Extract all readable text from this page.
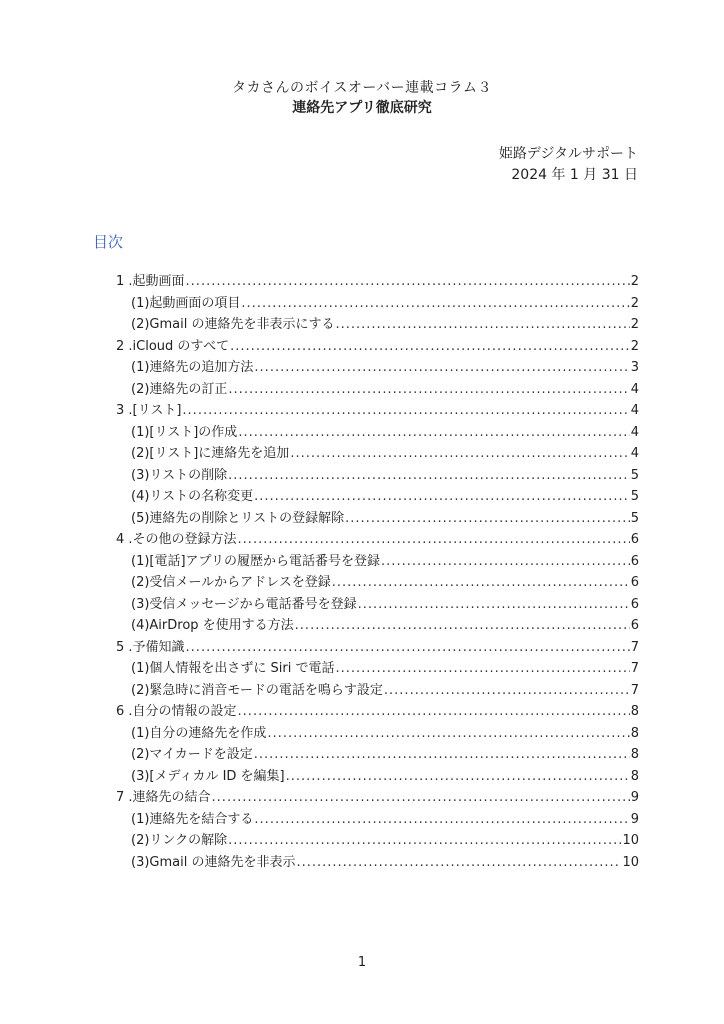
タカさんのボイスオーバー連載コラム３
連絡先アプリ徹底研究
姫路デジタルサポート
2024 年 1 月 31 日
目次
1 .起動画面 .....	2
(1)起動画面の項目 .....	2
(2)Gmail の連絡先を非表示にする .....	2
2 .iCloud のすべて .....	2
(1)連絡先の追加方法 .....	3
(2)連絡先の訂正 .....	4
3 .[リスト] .....	4
(1)[リスト]の作成 .....	4
(2)[リスト]に連絡先を追加 .....	4
(3)リストの削除 .....	5
(4)リストの名称変更 .....	5
(5)連絡先の削除とリストの登録解除 .....	5
4 .その他の登録方法 .....	6
(1)[電話]アプリの履歴から電話番号を登録 .....	6
(2)受信メールからアドレスを登録 .....	6
(3)受信メッセージから電話番号を登録 .....	6
(4)AirDrop を使用する方法 .....	6
5 .予備知識 .....	7
(1)個人情報を出さずに Siri で電話 .....	7
(2)緊急時に消音モードの電話を鳴らす設定 .....	7
6 .自分の情報の設定 .....	8
(1)自分の連絡先を作成 .....	8
(2)マイカードを設定 .....	8
(3)[メディカル ID を編集] .....	8
7 .連絡先の結合 .....	9
(1)連絡先を結合する .....	9
(2)リンクの解除 .....	10
(3)Gmail の連絡先を非表示 .....	10
1
